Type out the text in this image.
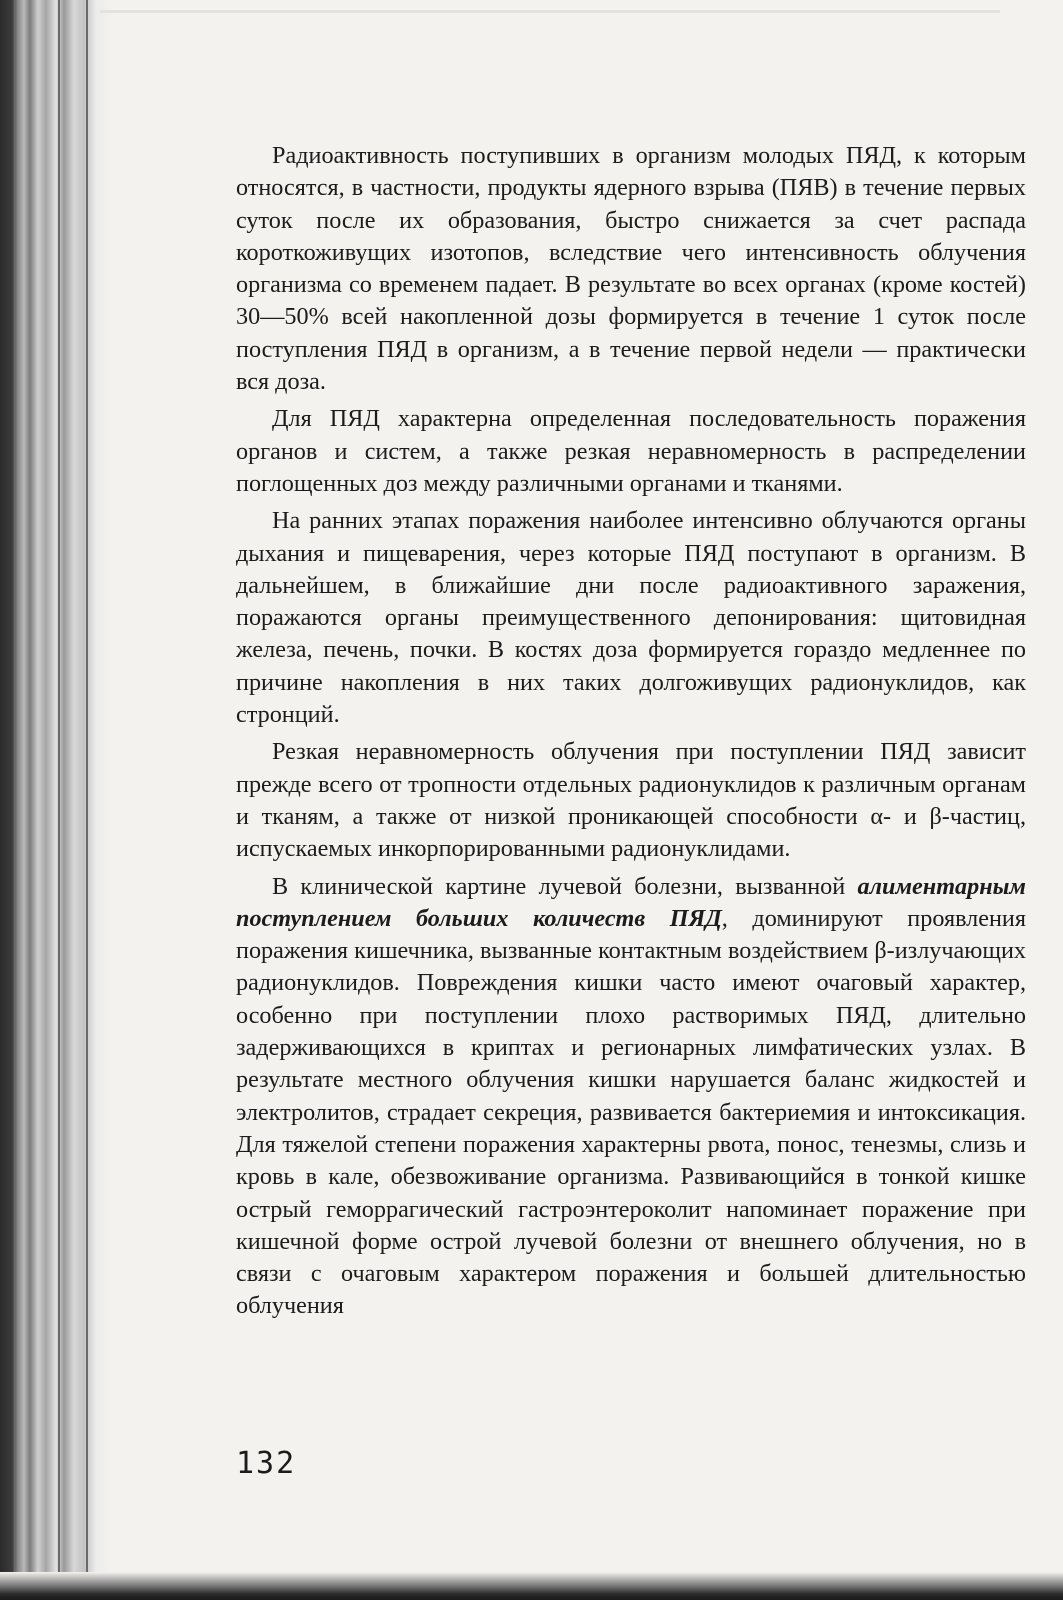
Радиоактивность поступивших в организм молодых ПЯД, к которым относятся, в частности, продукты ядерного взрыва (ПЯВ) в течение первых суток после их образования, быстро снижается за счет распада короткоживущих изотопов, вследствие чего интенсивность облучения организма со временем падает. В результате во всех органах (кроме костей) 30—50% всей накопленной дозы формируется в течение 1 суток после поступления ПЯД в организм, а в течение первой недели — практически вся доза.

Для ПЯД характерна определенная последовательность поражения органов и систем, а также резкая неравномерность в распределении поглощенных доз между различными органами и тканями.

На ранних этапах поражения наиболее интенсивно облучаются органы дыхания и пищеварения, через которые ПЯД поступают в организм. В дальнейшем, в ближайшие дни после радиоактивного заражения, поражаются органы преимущественного депонирования: щитовидная железа, печень, почки. В костях доза формируется гораздо медленнее по причине накопления в них таких долгоживущих радионуклидов, как стронций.

Резкая неравномерность облучения при поступлении ПЯД зависит прежде всего от тропности отдельных радионуклидов к различным органам и тканям, а также от низкой проникающей способности α- и β-частиц, испускаемых инкорпорированными радионуклидами.

В клинической картине лучевой болезни, вызванной алиментарным поступлением больших количеств ПЯД, доминируют проявления поражения кишечника, вызванные контактным воздействием β-излучающих радионуклидов. Повреждения кишки часто имеют очаговый характер, особенно при поступлении плохо растворимых ПЯД, длительно задерживающихся в криптах и регионарных лимфатических узлах. В результате местного облучения кишки нарушается баланс жидкостей и электролитов, страдает секреция, развивается бактериемия и интоксикация. Для тяжелой степени поражения характерны рвота, понос, тенезмы, слизь и кровь в кале, обезвоживание организма. Развивающийся в тонкой кишке острый геморрагический гастроэнтероколит напоминает поражение при кишечной форме острой лучевой болезни от внешнего облучения, но в связи с очаговым характером поражения и большей длительностью облучения

132
